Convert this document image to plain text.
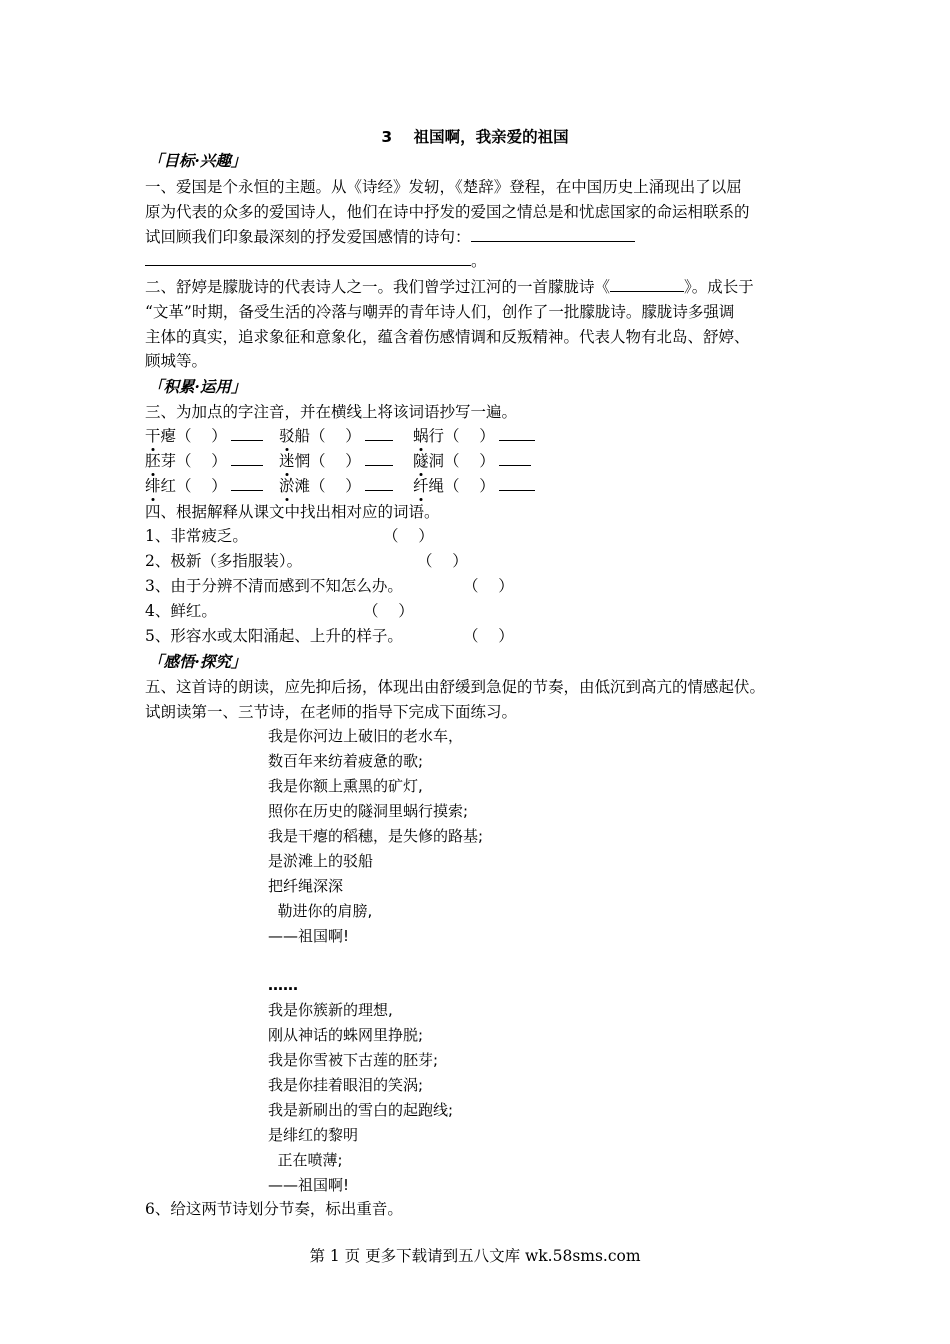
3    祖国啊，我亲爱的祖国
「目标·兴趣」
一、爱国是个永恒的主题。从《诗经》发轫，《楚辞》登程，在中国历史上涌现出了以屈
原为代表的众多的爱国诗人，他们在诗中抒发的爱国之情总是和忧虑国家的命运相联系的
试回顾我们印象最深刻的抒发爱国感情的诗句：
。
二、舒婷是朦胧诗的代表诗人之一。我们曾学过江河的一首朦胧诗《	》。成长于
“文革”时期，备受生活的冷落与嘲弄的青年诗人们，创作了一批朦胧诗。朦胧诗多强调
主体的真实，追求象征和意象化，蕴含着伤感情调和反叛精神。代表人物有北岛、舒婷、
顾城等。
「积累·运用」
三、为加点的字注音，并在横线上将该词语抄写一遍。
干瘪（    ）	驳船（    ）	蜗行（    ）
胚芽（    ）	迷惘（    ）	隧洞（    ）
绯红（    ）	淤滩（    ）	纤绳（    ）
四、根据解释从课文中找出相对应的词语。
1、非常疲乏。	（    ）
2、极新（多指服装）。	（    ）
3、由于分辨不清而感到不知怎么办。	（    ）
4、鲜红。	（    ）
5、形容水或太阳涌起、上升的样子。	（    ）
「感悟·探究」
五、这首诗的朗读，应先抑后扬，体现出由舒缓到急促的节奏，由低沉到高亢的情感起伏。
试朗读第一、三节诗，在老师的指导下完成下面练习。
我是你河边上破旧的老水车，
数百年来纺着疲惫的歌;
我是你额上熏黑的矿灯,
照你在历史的隧洞里蜗行摸索;
我是干瘪的稻穗，是失修的路基;
是淤滩上的驳船
把纤绳深深
勒进你的肩膀,
——祖国啊!
……
我是你簇新的理想,
刚从神话的蛛网里挣脱;
我是你雪被下古莲的胚芽;
我是你挂着眼泪的笑涡;
我是新刷出的雪白的起跑线;
是绯红的黎明
正在喷薄;
——祖国啊!
6、给这两节诗划分节奏，标出重音。
第 1 页 更多下载请到五八文库 wk.58sms.com
